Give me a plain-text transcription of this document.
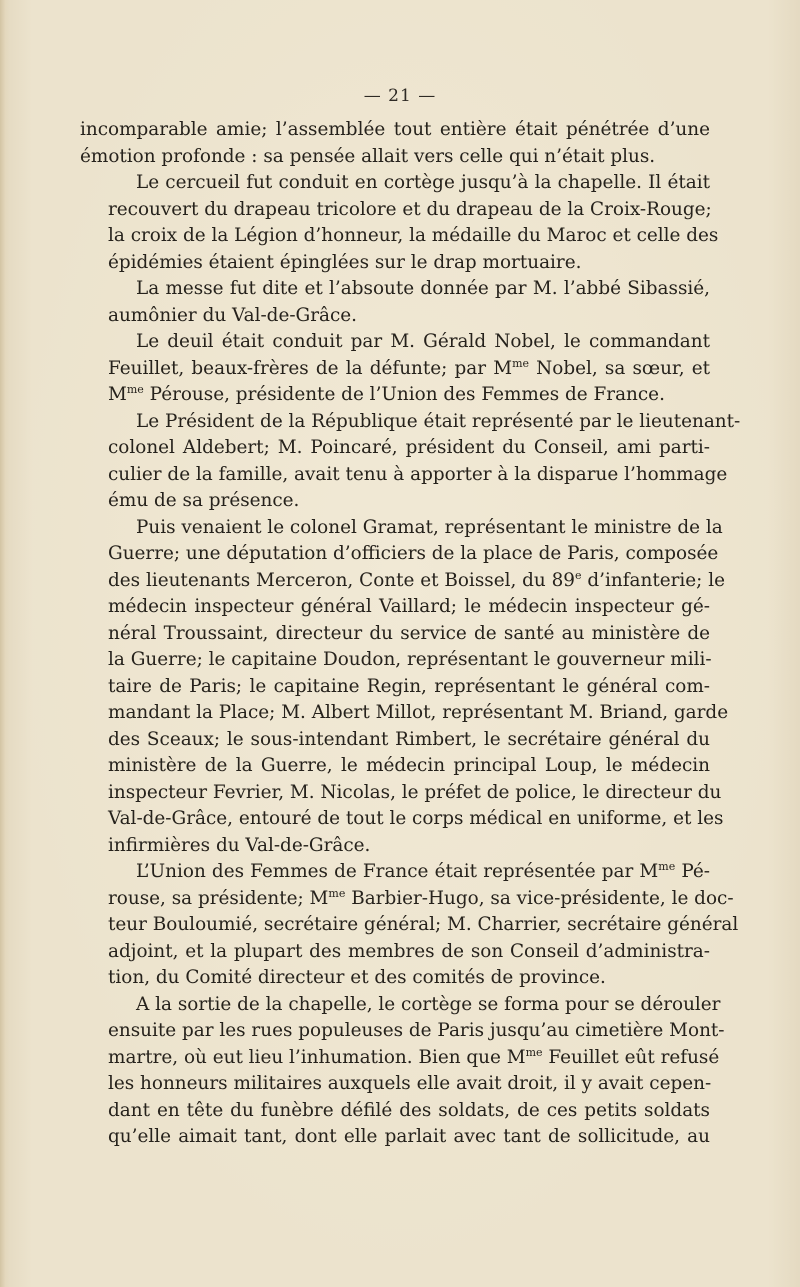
— 21 —
incomparable amie; l’assemblée tout entière était pénétrée d’une
émotion profonde : sa pensée allait vers celle qui n’était plus.
Le cercueil fut conduit en cortège jusqu’à la chapelle. Il était
recouvert du drapeau tricolore et du drapeau de la Croix-Rouge;
la croix de la Légion d’honneur, la médaille du Maroc et celle des
épidémies étaient épinglées sur le drap mortuaire.
La messe fut dite et l’absoute donnée par M. l’abbé Sibassié,
aumônier du Val-de-Grâce.
Le deuil était conduit par M. Gérald Nobel, le commandant
Feuillet, beaux-frères de la défunte; par $M^{me}$ Nobel, sa sœur, et
$M^{me}$ Pérouse, présidente de l’Union des Femmes de France.
Le Président de la République était représenté par le lieutenant-
colonel Aldebert; M. Poincaré, président du Conseil, ami parti-
culier de la famille, avait tenu à apporter à la disparue l’hommage
ému de sa présence.
Puis venaient le colonel Gramat, représentant le ministre de la
Guerre; une députation d’officiers de la place de Paris, composée
des lieutenants Merceron, Conte et Boissel, du 89e d’infanterie; le
médecin inspecteur général Vaillard; le médecin inspecteur gé-
néral Troussaint, directeur du service de santé au ministère de
la Guerre; le capitaine Doudon, représentant le gouverneur mili-
taire de Paris; le capitaine Regin, représentant le général com-
mandant la Place; M. Albert Millot, représentant M. Briand, garde
des Sceaux; le sous-intendant Rimbert, le secrétaire général du
ministère de la Guerre, le médecin principal Loup, le médecin
inspecteur Fevrier, M. Nicolas, le préfet de police, le directeur du
Val-de-Grâce, entouré de tout le corps médical en uniforme, et les
infirmières du Val-de-Grâce.
L’Union des Femmes de France était représentée par $M^{me}$ Pé-
rouse, sa présidente; $M^{me}$ Barbier-Hugo, sa vice-présidente, le doc-
teur Bouloumié, secrétaire général; M. Charrier, secrétaire général
adjoint, et la plupart des membres de son Conseil d’administra-
tion, du Comité directeur et des comités de province.
A la sortie de la chapelle, le cortège se forma pour se dérouler
ensuite par les rues populeuses de Paris jusqu’au cimetière Mont-
martre, où eut lieu l’inhumation. Bien que $M^{me}$ Feuillet eût refusé
les honneurs militaires auxquels elle avait droit, il y avait cepen-
dant en tête du funèbre défilé des soldats, de ces petits soldats
qu’elle aimait tant, dont elle parlait avec tant de sollicitude, au
